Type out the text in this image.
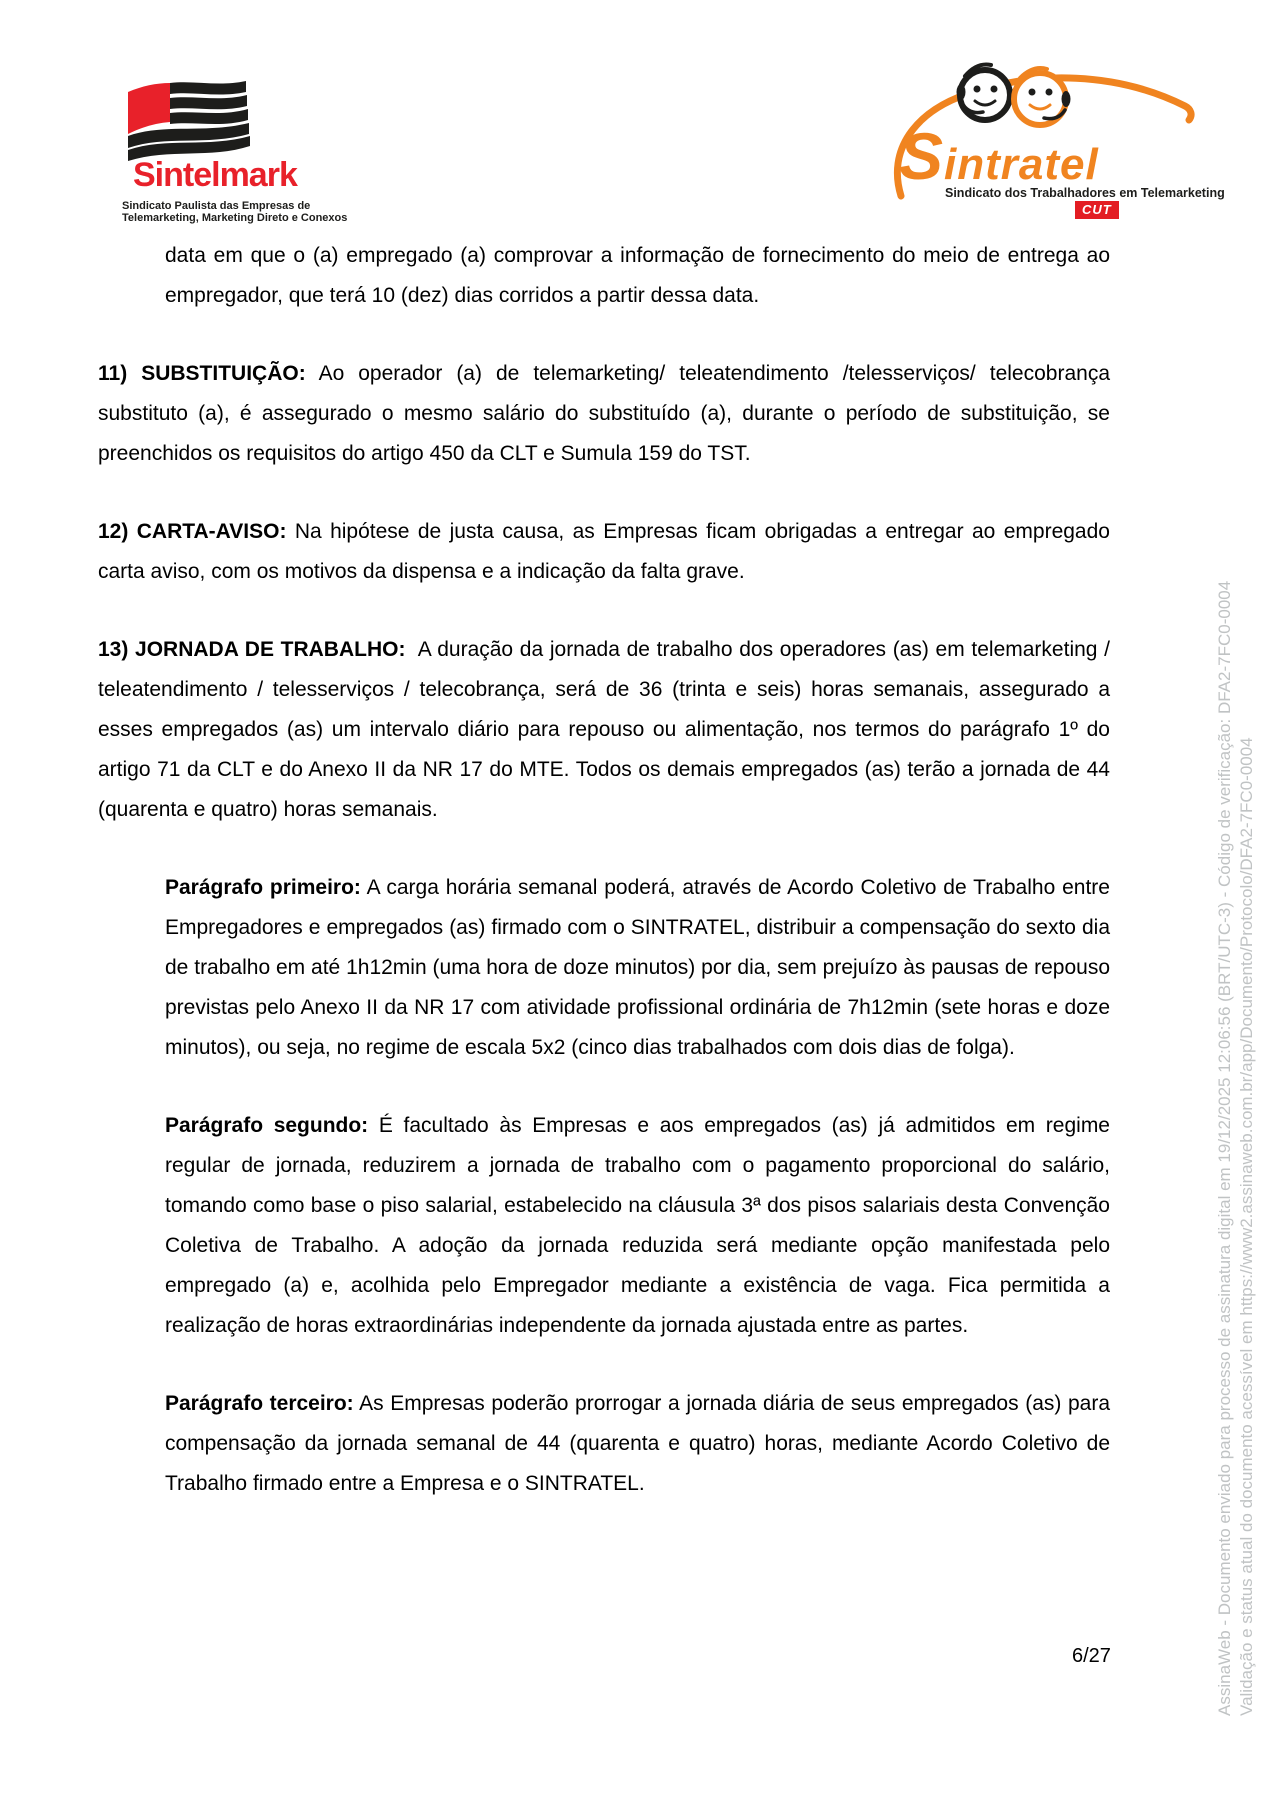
Sintelmark
Sindicato Paulista das Empresas de
Telemarketing, Marketing Direto e Conexos
Sintratel
Sindicato dos Trabalhadores em Telemarketing
CUT

data em que o (a) empregado (a) comprovar a informação de fornecimento do meio de entrega ao empregador, que terá 10 (dez) dias corridos a partir dessa data.

11) SUBSTITUIÇÃO: Ao operador (a) de telemarketing/ teleatendimento /telesserviços/ telecobrança substituto (a), é assegurado o mesmo salário do substituído (a), durante o período de substituição, se preenchidos os requisitos do artigo 450 da CLT e Sumula 159 do TST.

12) CARTA-AVISO: Na hipótese de justa causa, as Empresas ficam obrigadas a entregar ao empregado carta aviso, com os motivos da dispensa e a indicação da falta grave.

13) JORNADA DE TRABALHO: A duração da jornada de trabalho dos operadores (as) em telemarketing / teleatendimento / telesserviços / telecobrança, será de 36 (trinta e seis) horas semanais, assegurado a esses empregados (as) um intervalo diário para repouso ou alimentação, nos termos do parágrafo 1º do artigo 71 da CLT e do Anexo II da NR 17 do MTE. Todos os demais empregados (as) terão a jornada de 44 (quarenta e quatro) horas semanais.

Parágrafo primeiro: A carga horária semanal poderá, através de Acordo Coletivo de Trabalho entre Empregadores e empregados (as) firmado com o SINTRATEL, distribuir a compensação do sexto dia de trabalho em até 1h12min (uma hora de doze minutos) por dia, sem prejuízo às pausas de repouso previstas pelo Anexo II da NR 17 com atividade profissional ordinária de 7h12min (sete horas e doze minutos), ou seja, no regime de escala 5x2 (cinco dias trabalhados com dois dias de folga).

Parágrafo segundo: É facultado às Empresas e aos empregados (as) já admitidos em regime regular de jornada, reduzirem a jornada de trabalho com o pagamento proporcional do salário, tomando como base o piso salarial, estabelecido na cláusula 3ª dos pisos salariais desta Convenção Coletiva de Trabalho. A adoção da jornada reduzida será mediante opção manifestada pelo empregado (a) e, acolhida pelo Empregador mediante a existência de vaga. Fica permitida a realização de horas extraordinárias independente da jornada ajustada entre as partes.

Parágrafo terceiro: As Empresas poderão prorrogar a jornada diária de seus empregados (as) para compensação da jornada semanal de 44 (quarenta e quatro) horas, mediante Acordo Coletivo de Trabalho firmado entre a Empresa e o SINTRATEL.

6/27	AssinaWeb - Documento enviado para processo de assinatura digital em 19/12/2025 12:06:56 (BRT/UTC-3) - Código de verificação: DFA2-7FC0-0004 Validação e status atual do documento acessível em https://www2.assinaweb.com.br/app/Documento/Protocolo/DFA2-7FC0-0004
